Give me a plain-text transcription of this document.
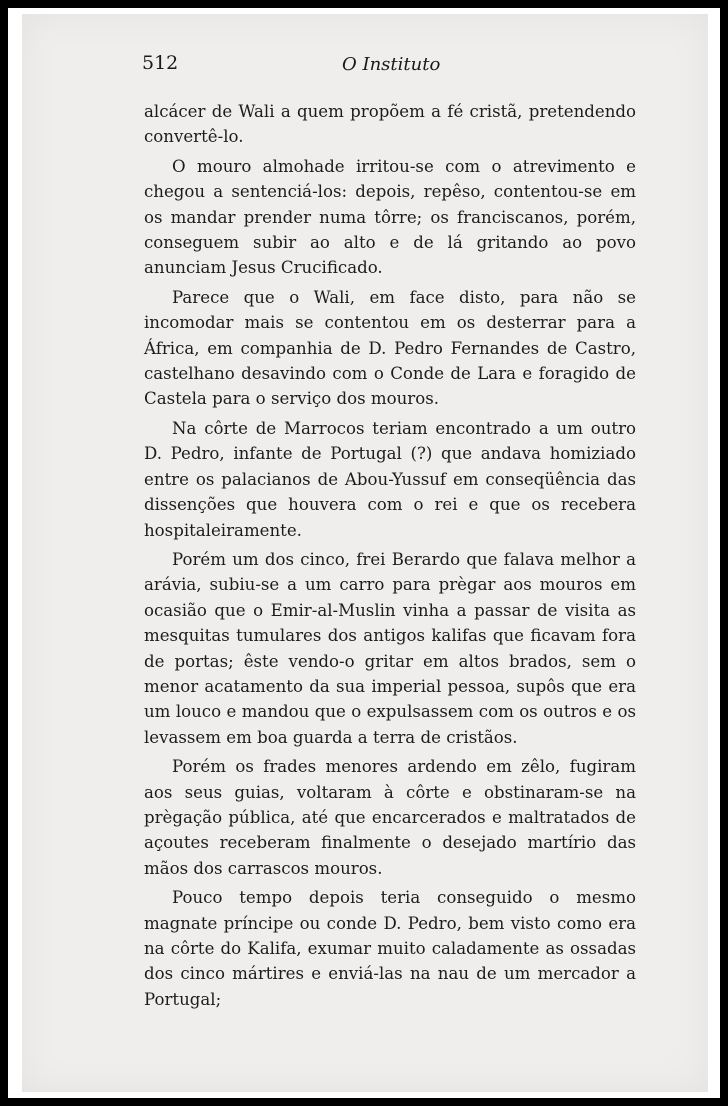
512	O Instituto

alcácer de Wali a quem propõem a fé cristã, pretendendo convertê-lo.

O mouro almohade irritou-se com o atrevimento e chegou a sentenciá-los: depois, repêso, contentou-se em os mandar prender numa tôrre; os franciscanos, porém, conseguem subir ao alto e de lá gritando ao povo anunciam Jesus Crucificado.

Parece que o Wali, em face disto, para não se incomodar mais se contentou em os desterrar para a África, em companhia de D. Pedro Fernandes de Castro, castelhano desavindo com o Conde de Lara e foragido de Castela para o serviço dos mouros.

Na côrte de Marrocos teriam encontrado a um outro D. Pedro, infante de Portugal (?) que andava homiziado entre os palacianos de Abou-Yussuf em conseqüência das dissenções que houvera com o rei e que os recebera hospitaleiramente.

Porém um dos cinco, frei Berardo que falava melhor a arávia, subiu-se a um carro para prègar aos mouros em ocasião que o Emir-al-Muslin vinha a passar de visita as mesquitas tumulares dos antigos kalifas que ficavam fora de portas; êste vendo-o gritar em altos brados, sem o menor acatamento da sua imperial pessoa, supôs que era um louco e mandou que o expulsassem com os outros e os levassem em boa guarda a terra de cristãos.

Porém os frades menores ardendo em zêlo, fugiram aos seus guias, voltaram à côrte e obstinaram-se na prègação pública, até que encarcerados e maltratados de açoutes receberam finalmente o desejado martírio das mãos dos carrascos mouros.

Pouco tempo depois teria conseguido o mesmo magnate príncipe ou conde D. Pedro, bem visto como era na côrte do Kalifa, exumar muito caladamente as ossadas dos cinco mártires e enviá-las na nau de um mercador a Portugal;
